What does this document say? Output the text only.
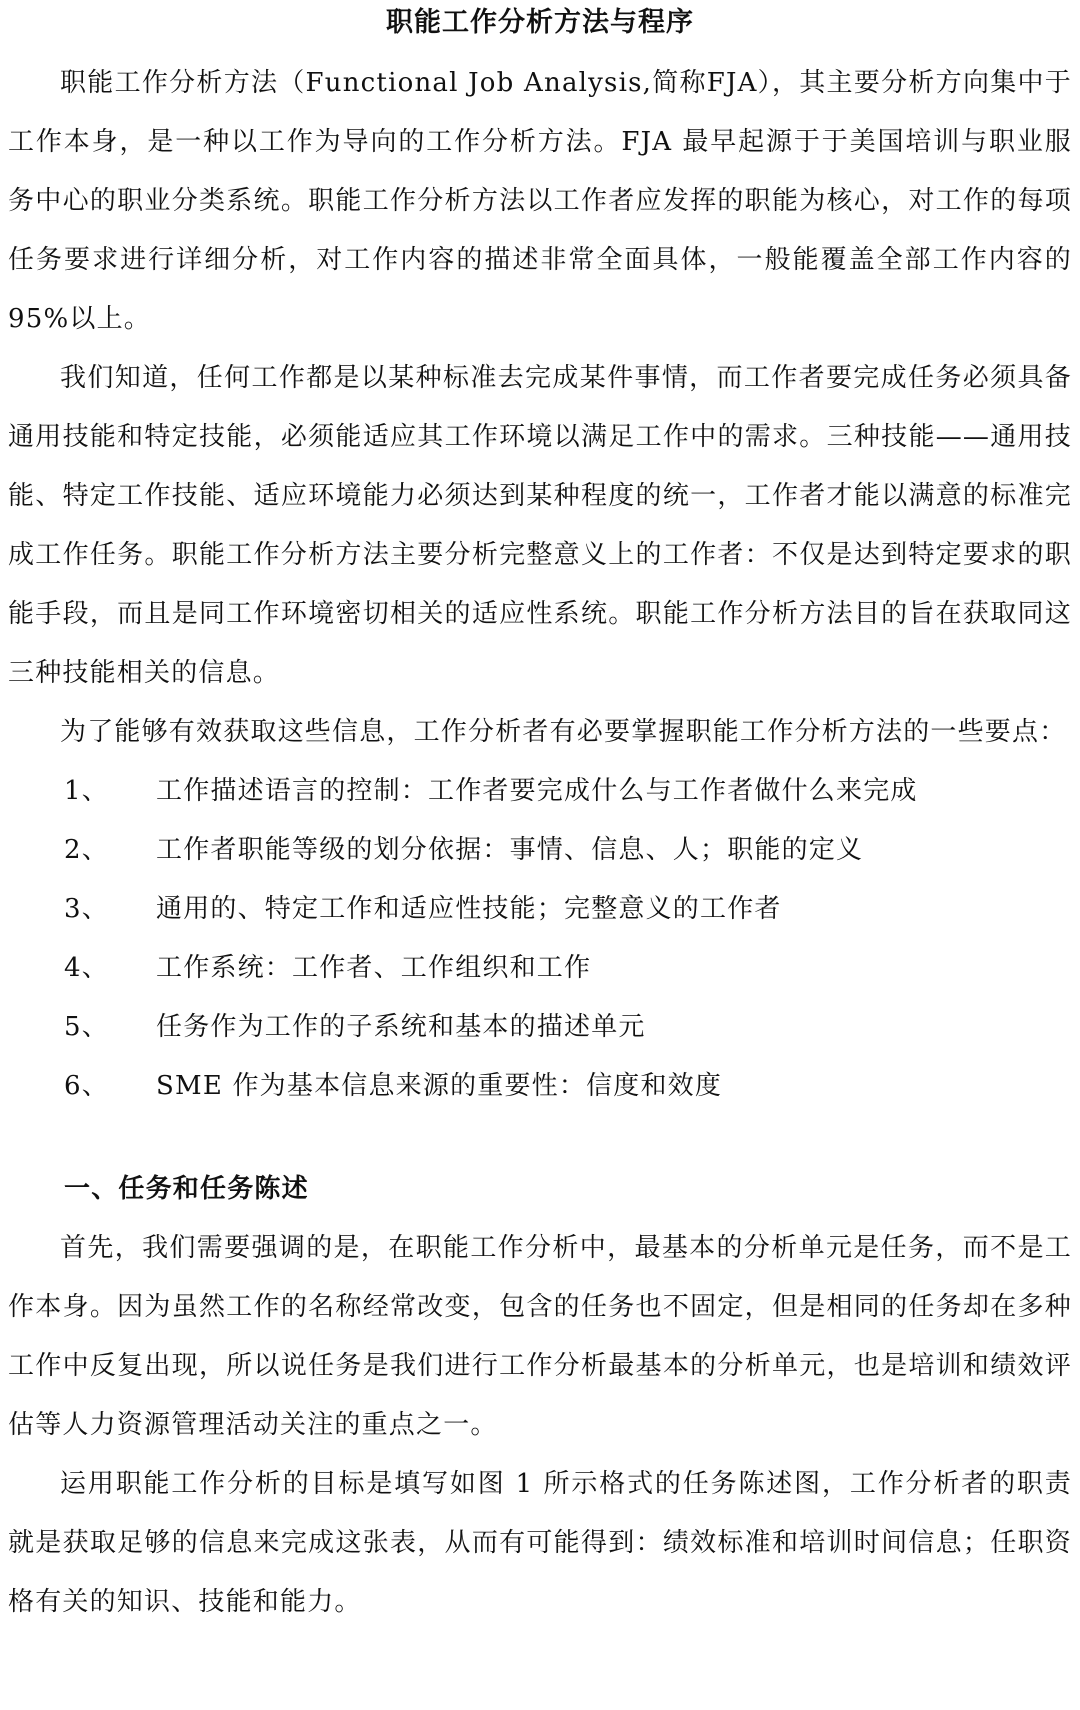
职能工作分析方法与程序

职能工作分析方法（Functional Job Analysis,简称FJA），其主要分析方向集中于工作本身，是一种以工作为导向的工作分析方法。FJA 最早起源于于美国培训与职业服务中心的职业分类系统。职能工作分析方法以工作者应发挥的职能为核心，对工作的每项任务要求进行详细分析，对工作内容的描述非常全面具体，一般能覆盖全部工作内容的95%以上。

我们知道，任何工作都是以某种标准去完成某件事情，而工作者要完成任务必须具备通用技能和特定技能，必须能适应其工作环境以满足工作中的需求。三种技能——通用技能、特定工作技能、适应环境能力必须达到某种程度的统一，工作者才能以满意的标准完成工作任务。职能工作分析方法主要分析完整意义上的工作者：不仅是达到特定要求的职能手段，而且是同工作环境密切相关的适应性系统。职能工作分析方法目的旨在获取同这三种技能相关的信息。

为了能够有效获取这些信息，工作分析者有必要掌握职能工作分析方法的一些要点：

1、	工作描述语言的控制：工作者要完成什么与工作者做什么来完成
2、	工作者职能等级的划分依据：事情、信息、人；职能的定义
3、	通用的、特定工作和适应性技能；完整意义的工作者
4、	工作系统：工作者、工作组织和工作
5、	任务作为工作的子系统和基本的描述单元
6、	SME 作为基本信息来源的重要性：信度和效度
一、任务和任务陈述

首先，我们需要强调的是，在职能工作分析中，最基本的分析单元是任务，而不是工作本身。因为虽然工作的名称经常改变，包含的任务也不固定，但是相同的任务却在多种工作中反复出现，所以说任务是我们进行工作分析最基本的分析单元，也是培训和绩效评估等人力资源管理活动关注的重点之一。

运用职能工作分析的目标是填写如图 1 所示格式的任务陈述图，工作分析者的职责就是获取足够的信息来完成这张表，从而有可能得到：绩效标准和培训时间信息；任职资格有关的知识、技能和能力。
